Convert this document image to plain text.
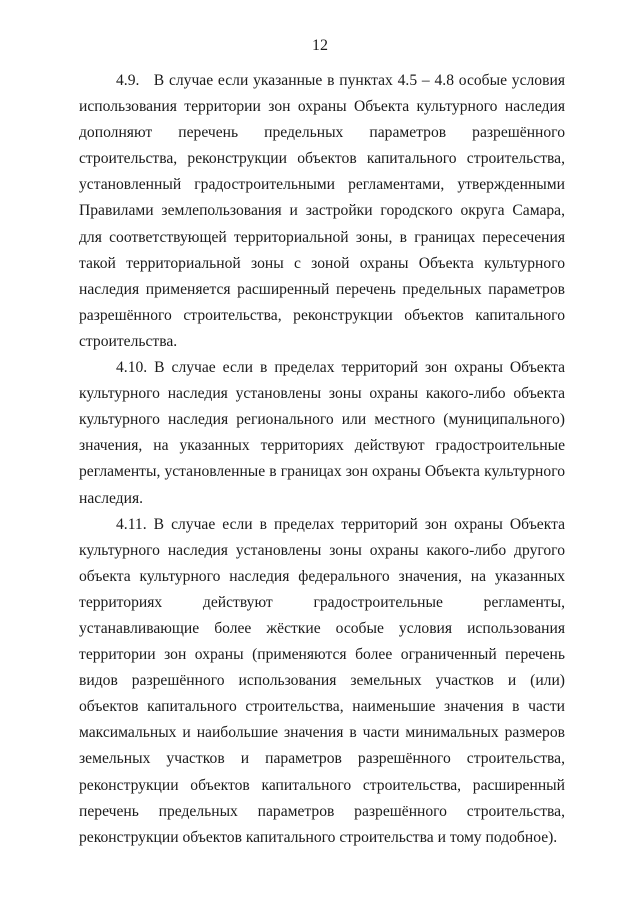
12

4.9.   В случае если указанные в пунктах 4.5 – 4.8 особые условия использования территории зон охраны Объекта культурного наследия дополняют перечень предельных параметров разрешённого строительства, реконструкции объектов капитального строительства, установленный градостроительными регламентами, утвержденными Правилами землепользования и застройки городского округа Самара, для соответствующей территориальной зоны, в границах пересечения такой территориальной зоны с зоной охраны Объекта культурного наследия применяется расширенный перечень предельных параметров разрешённого строительства, реконструкции объектов капитального строительства.

4.10. В случае если в пределах территорий зон охраны Объекта культурного наследия установлены зоны охраны какого-либо объекта культурного наследия регионального или местного (муниципального) значения, на указанных территориях действуют градостроительные регламенты, установленные в границах зон охраны Объекта культурного наследия.

4.11. В случае если в пределах территорий зон охраны Объекта культурного наследия установлены зоны охраны какого-либо другого объекта культурного наследия федерального значения, на указанных территориях действуют градостроительные регламенты, устанавливающие более жёсткие особые условия использования территории зон охраны (применяются более ограниченный перечень видов разрешённого использования земельных участков и (или) объектов капитального строительства, наименьшие значения в части максимальных и наибольшие значения в части минимальных размеров земельных участков и параметров разрешённого строительства, реконструкции объектов капитального строительства, расширенный перечень предельных параметров разрешённого строительства, реконструкции объектов капитального строительства и тому подобное).
